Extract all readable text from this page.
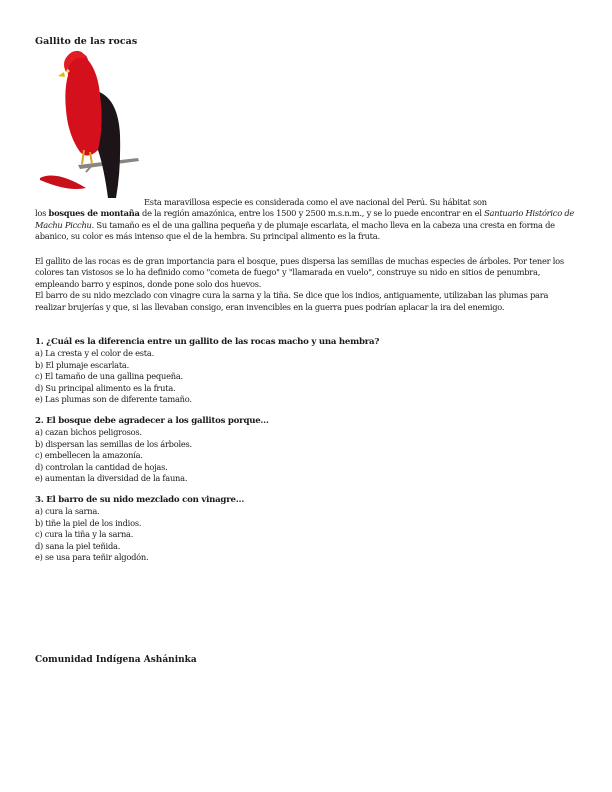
Gallito de las rocas
Esta maravillosa especie es considerada como el ave nacional del Perú. Su hábitat son
los bosques de montaña de la región amazónica, entre los 1500 y 2500 m.s.n.m., y se lo puede encontrar en el Santuario Histórico de Machu Picchu. Su tamaño es el de una gallina pequeña y de plumaje escarlata, el macho lleva en la cabeza una cresta en forma de abanico, su color es más intenso que el de la hembra. Su principal alimento es la fruta.
El gallito de las rocas es de gran importancia para el bosque, pues dispersa las semillas de muchas especies de árboles. Por tener los colores tan vistosos se lo ha definido como "cometa de fuego" y "llamarada en vuelo", construye su nido en sitios de penumbra, empleando barro y espinos, donde pone solo dos huevos.
El barro de su nido mezclado con vinagre cura la sarna y la tiña. Se dice que los indios, antiguamente, utilizaban las plumas para realizar brujerías y que, si las llevaban consigo, eran invencibles en la guerra pues podrían aplacar la ira del enemigo.
1. ¿Cuál es la diferencia entre un gallito de las rocas macho y una hembra?
a) La cresta y el color de esta.
b) El plumaje escarlata.
c) El tamaño de una gallina pequeña.
d) Su principal alimento es la fruta.
e) Las plumas son de diferente tamaño.
2. El bosque debe agradecer a los gallitos porque…
a) cazan bichos peligrosos.
b) dispersan las semillas de los árboles.
c) embellecen la amazonía.
d) controlan la cantidad de hojas.
e) aumentan la diversidad de la fauna.
3. El barro de su nido mezclado con vinagre…
a) cura la sarna.
b) tiñe la piel de los indios.
c) cura la tiña y la sarna.
d) sana la piel teñida.
e) se usa para teñir algodón.
Comunidad Indígena Asháninka
